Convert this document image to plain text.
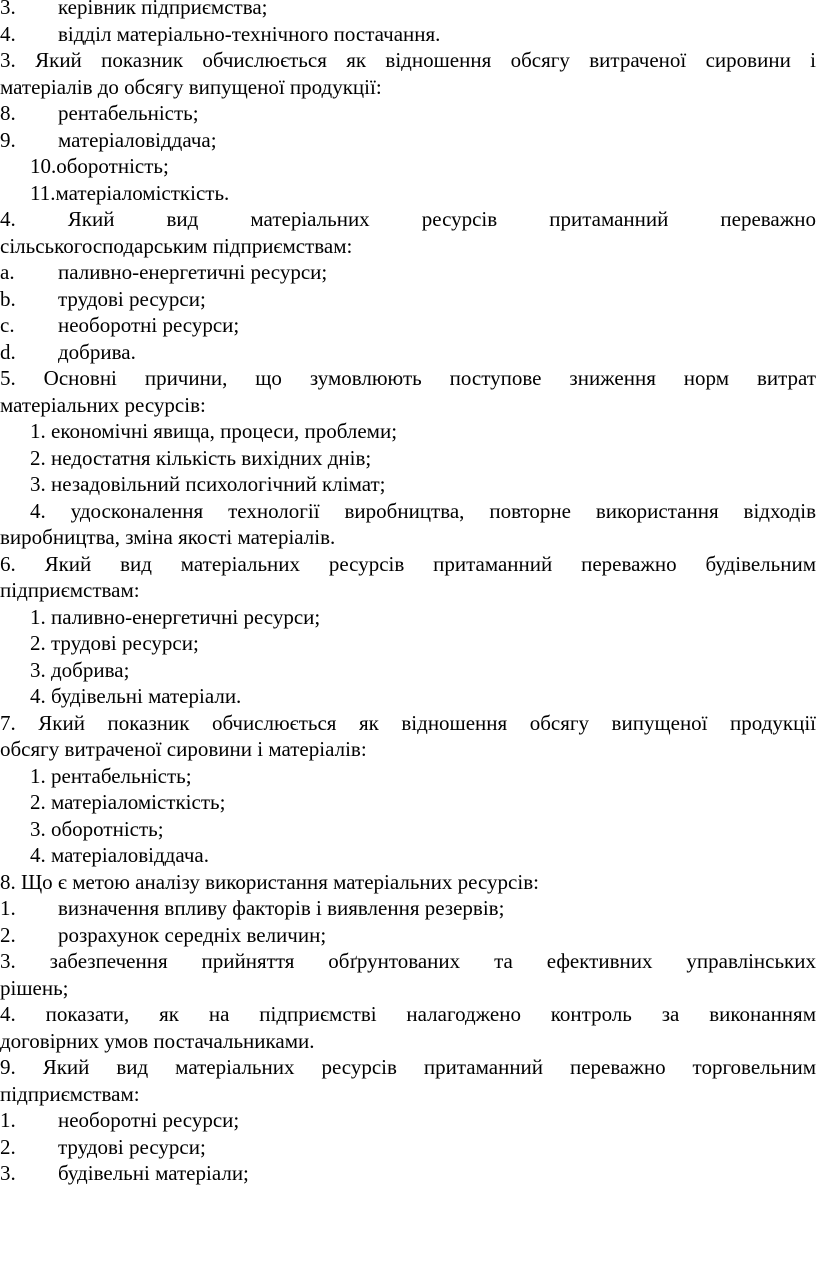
3. керівник підприємства;
4. відділ матеріально-технічного постачання.
3. Який показник обчислюється як відношення обсягу витраченої сировини і
матеріалів до обсягу випущеної продукції:
8. рентабельність;
9. матеріаловіддача;
10.оборотність;
11.матеріаломісткість.
4. Який вид матеріальних ресурсів притаманний переважно
сільськогосподарським підприємствам:
a. паливно-енергетичні ресурси;
b. трудові ресурси;
c. необоротні ресурси;
d. добрива.
5. Основні причини, що зумовлюють поступове зниження норм витрат
матеріальних ресурсів:
1. економічні явища, процеси, проблеми;
2. недостатня кількість вихідних днів;
3. незадовільний психологічний клімат;
4. удосконалення технології виробництва, повторне використання відходів
виробництва, зміна якості матеріалів.
6. Який вид матеріальних ресурсів притаманний переважно будівельним
підприємствам:
1. паливно-енергетичні ресурси;
2. трудові ресурси;
3. добрива;
4. будівельні матеріали.
7. Який показник обчислюється як відношення обсягу випущеної продукції
обсягу витраченої сировини і матеріалів:
1. рентабельність;
2. матеріаломісткість;
3. оборотність;
4. матеріаловіддача.
8. Що є метою аналізу використання матеріальних ресурсів:
1. визначення впливу факторів і виявлення резервів;
2. розрахунок середніх величин;
3. забезпечення прийняття обґрунтованих та ефективних управлінських
рішень;
4. показати, як на підприємстві налагоджено контроль за виконанням
договірних умов постачальниками.
9. Який вид матеріальних ресурсів притаманний переважно торговельним
підприємствам:
1. необоротні ресурси;
2. трудові ресурси;
3. будівельні матеріали;
